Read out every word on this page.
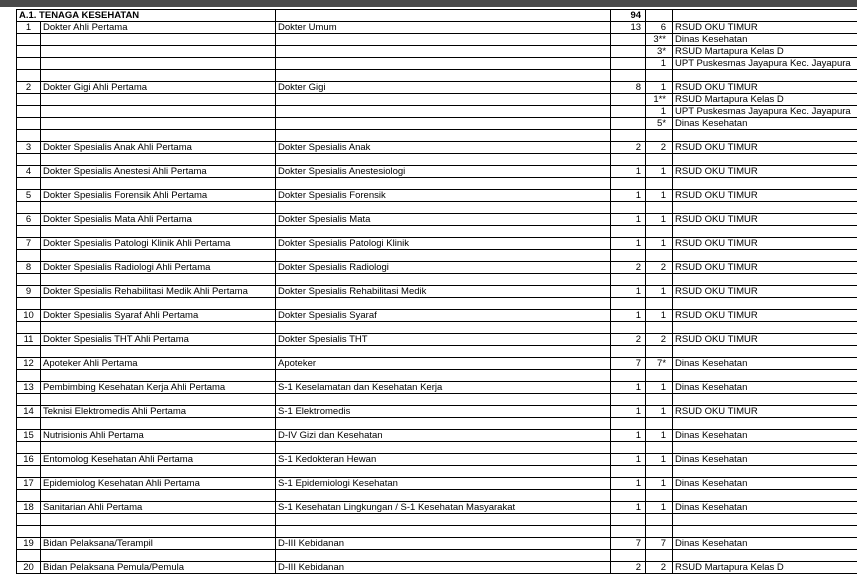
A.1. TENAGA KESEHATAN			94		
1	Dokter Ahli Pertama	Dokter Umum	13	6	RSUD OKU TIMUR
				3**	Dinas Kesehatan
				3*	RSUD Martapura Kelas D
				1	UPT Puskesmas Jayapura Kec. Jayapura

2	Dokter Gigi Ahli Pertama	Dokter Gigi	8	1	RSUD OKU TIMUR
				1**	RSUD Martapura Kelas D
				1	UPT Puskesmas Jayapura Kec. Jayapura
				5*	Dinas Kesehatan

3	Dokter Spesialis Anak Ahli Pertama	Dokter Spesialis Anak	2	2	RSUD OKU TIMUR

4	Dokter Spesialis Anestesi Ahli Pertama	Dokter Spesialis Anestesiologi	1	1	RSUD OKU TIMUR

5	Dokter Spesialis Forensik Ahli Pertama	Dokter Spesialis Forensik	1	1	RSUD OKU TIMUR

6	Dokter Spesialis Mata Ahli Pertama	Dokter Spesialis Mata	1	1	RSUD OKU TIMUR

7	Dokter Spesialis Patologi Klinik Ahli Pertama	Dokter Spesialis Patologi Klinik	1	1	RSUD OKU TIMUR

8	Dokter Spesialis Radiologi Ahli Pertama	Dokter Spesialis Radiologi	2	2	RSUD OKU TIMUR

9	Dokter Spesialis Rehabilitasi Medik Ahli Pertama	Dokter Spesialis Rehabilitasi Medik	1	1	RSUD OKU TIMUR

10	Dokter Spesialis Syaraf Ahli Pertama	Dokter Spesialis Syaraf	1	1	RSUD OKU TIMUR

11	Dokter Spesialis THT Ahli Pertama	Dokter Spesialis THT	2	2	RSUD OKU TIMUR

12	Apoteker Ahli Pertama	Apoteker	7	7*	Dinas Kesehatan

13	Pembimbing Kesehatan Kerja Ahli Pertama	S-1 Keselamatan dan Kesehatan Kerja	1	1	Dinas Kesehatan

14	Teknisi Elektromedis Ahli Pertama	S-1 Elektromedis	1	1	RSUD OKU TIMUR

15	Nutrisionis Ahli Pertama	D-IV Gizi dan Kesehatan	1	1	Dinas Kesehatan

16	Entomolog Kesehatan Ahli Pertama	S-1 Kedokteran Hewan	1	1	Dinas Kesehatan

17	Epidemiolog Kesehatan Ahli Pertama	S-1 Epidemiologi Kesehatan	1	1	Dinas Kesehatan

18	Sanitarian Ahli Pertama	S-1 Kesehatan Lingkungan / S-1 Kesehatan Masyarakat	1	1	Dinas Kesehatan

19	Bidan Pelaksana/Terampil	D-III Kebidanan	7	7	Dinas Kesehatan

20	Bidan Pelaksana Pemula/Pemula	D-III Kebidanan	2	2	RSUD Martapura Kelas D
